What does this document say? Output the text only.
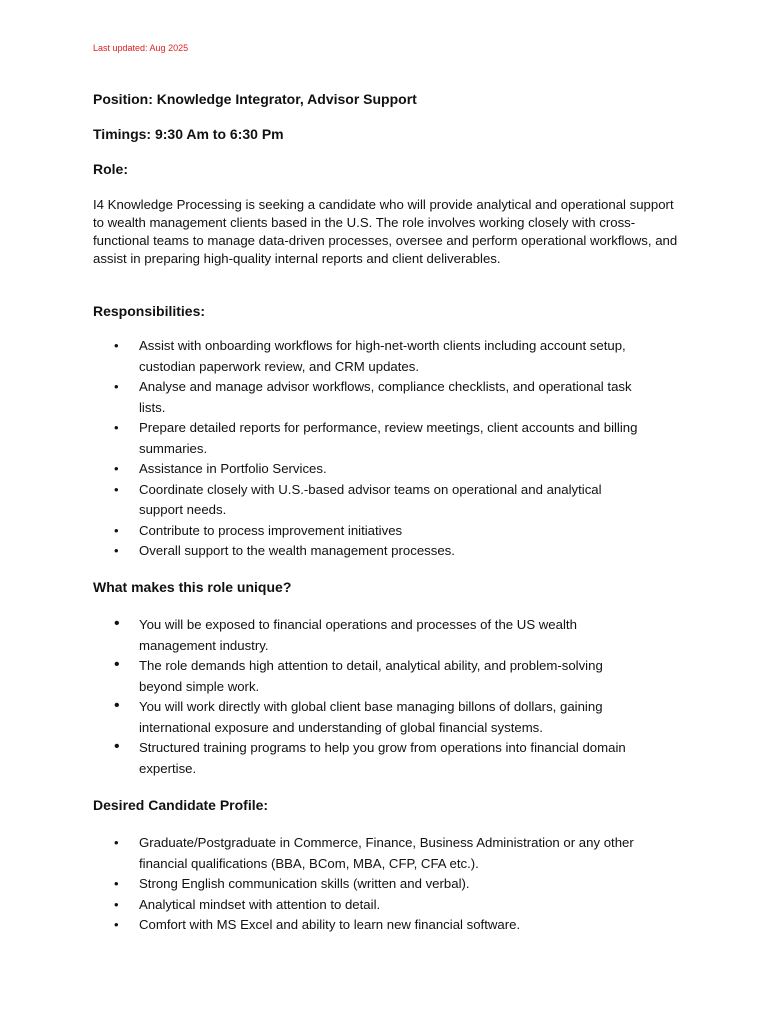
Last updated: Aug 2025
Position: Knowledge Integrator, Advisor Support
Timings: 9:30 Am to 6:30 Pm
Role:

I4 Knowledge Processing is seeking a candidate who will provide analytical and operational support to wealth management clients based in the U.S. The role involves working closely with cross-functional teams to manage data-driven processes, oversee and perform operational workflows, and assist in preparing high-quality internal reports and client deliverables.

Responsibilities:
• Assist with onboarding workflows for high-net-worth clients including account setup, custodian paperwork review, and CRM updates.
• Analyse and manage advisor workflows, compliance checklists, and operational task lists.
• Prepare detailed reports for performance, review meetings, client accounts and billing summaries.
• Assistance in Portfolio Services.
• Coordinate closely with U.S.-based advisor teams on operational and analytical support needs.
• Contribute to process improvement initiatives
• Overall support to the wealth management processes.
What makes this role unique?
• You will be exposed to financial operations and processes of the US wealth management industry.
• The role demands high attention to detail, analytical ability, and problem-solving beyond simple work.
• You will work directly with global client base managing billons of dollars, gaining international exposure and understanding of global financial systems.
• Structured training programs to help you grow from operations into financial domain expertise.
Desired Candidate Profile:
• Graduate/Postgraduate in Commerce, Finance, Business Administration or any other financial qualifications (BBA, BCom, MBA, CFP, CFA etc.).
• Strong English communication skills (written and verbal).
• Analytical mindset with attention to detail.
• Comfort with MS Excel and ability to learn new financial software.
